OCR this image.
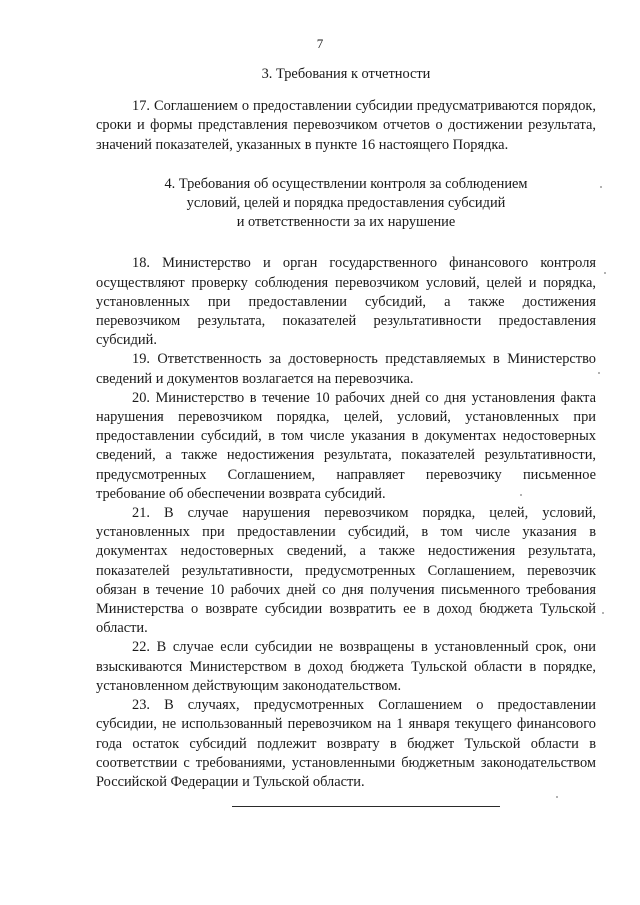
7

3. Требования к отчетности

17. Соглашением о предоставлении субсидии предусматриваются порядок, сроки и формы представления перевозчиком отчетов о достижении результата, значений показателей, указанных в пункте 16 настоящего Порядка.

4. Требования об осуществлении контроля за соблюдением
условий, целей и порядка предоставления субсидий
и ответственности за их нарушение

18. Министерство и орган государственного финансового контроля осуществляют проверку соблюдения перевозчиком условий, целей и порядка, установленных при предоставлении субсидий, а также достижения перевозчиком результата, показателей результативности предоставления субсидий.

19. Ответственность за достоверность представляемых в Министерство сведений и документов возлагается на перевозчика.

20. Министерство в течение 10 рабочих дней со дня установления факта нарушения перевозчиком порядка, целей, условий, установленных при предоставлении субсидий, в том числе указания в документах недостоверных сведений, а также недостижения результата, показателей результативности, предусмотренных Соглашением, направляет перевозчику письменное требование об обеспечении возврата субсидий.

21. В случае нарушения перевозчиком порядка, целей, условий, установленных при предоставлении субсидий, в том числе указания в документах недостоверных сведений, а также недостижения результата, показателей результативности, предусмотренных Соглашением, перевозчик обязан в течение 10 рабочих дней со дня получения письменного требования Министерства о возврате субсидии возвратить ее в доход бюджета Тульской области.

22. В случае если субсидии не возвращены в установленный срок, они взыскиваются Министерством в доход бюджета Тульской области в порядке, установленном действующим законодательством.

23. В случаях, предусмотренных Соглашением о предоставлении субсидии, не использованный перевозчиком на 1 января текущего финансового года остаток субсидий подлежит возврату в бюджет Тульской области в соответствии с требованиями, установленными бюджетным законодательством Российской Федерации и Тульской области.
